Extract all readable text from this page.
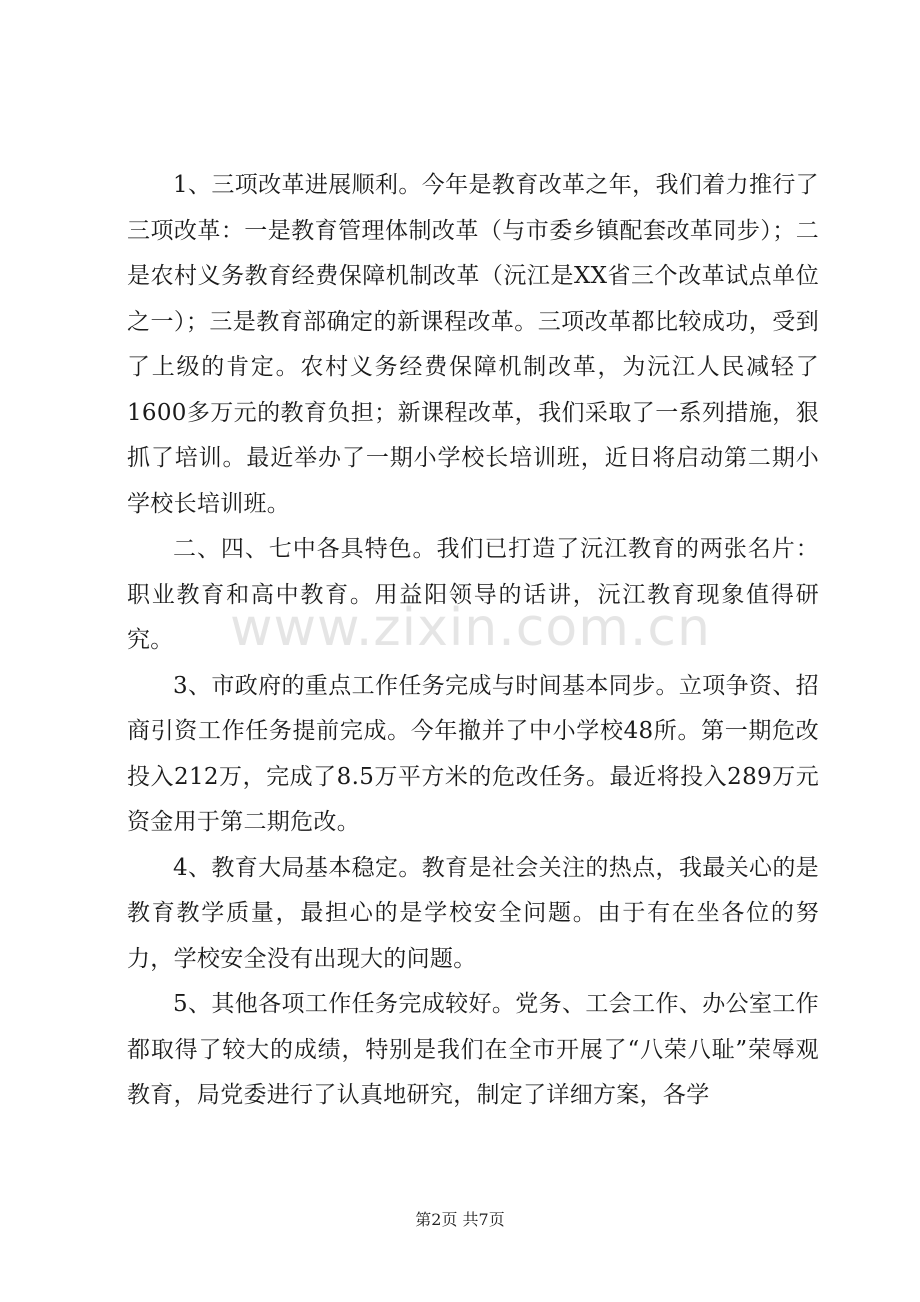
1、三项改革进展顺利。今年是教育改革之年，我们着力推行了三项改革：一是教育管理体制改革（与市委乡镇配套改革同步）；二是农村义务教育经费保障机制改革（沅江是XX省三个改革试点单位之一）；三是教育部确定的新课程改革。三项改革都比较成功，受到了上级的肯定。农村义务经费保障机制改革，为沅江人民减轻了1600多万元的教育负担；新课程改革，我们采取了一系列措施，狠抓了培训。最近举办了一期小学校长培训班，近日将启动第二期小学校长培训班。

二、四、七中各具特色。我们已打造了沅江教育的两张名片：职业教育和高中教育。用益阳领导的话讲，沅江教育现象值得研究。

3、市政府的重点工作任务完成与时间基本同步。立项争资、招商引资工作任务提前完成。今年撤并了中小学校48所。第一期危改投入212万，完成了8.5万平方米的危改任务。最近将投入289万元资金用于第二期危改。

4、教育大局基本稳定。教育是社会关注的热点，我最关心的是教育教学质量，最担心的是学校安全问题。由于有在坐各位的努力，学校安全没有出现大的问题。

5、其他各项工作任务完成较好。党务、工会工作、办公室工作都取得了较大的成绩，特别是我们在全市开展了“八荣八耻”荣辱观教育，局党委进行了认真地研究，制定了详细方案，各学

www.zixin.com.cn
第2页 共7页
